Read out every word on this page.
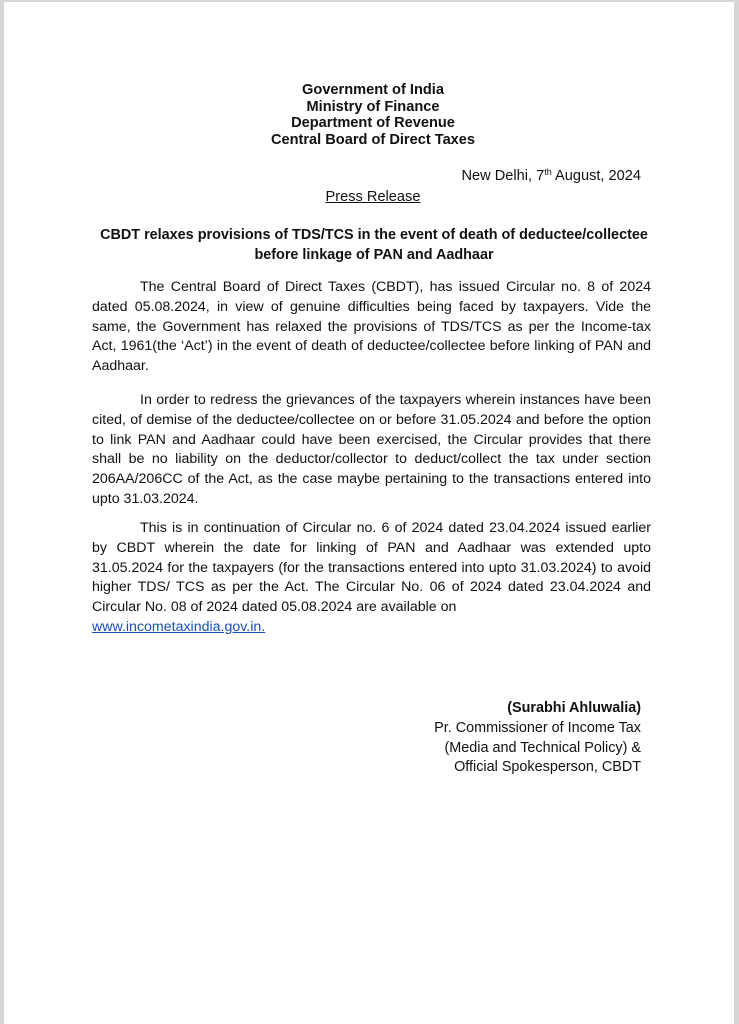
Government of India
Ministry of Finance
Department of Revenue
Central Board of Direct Taxes
New Delhi, 7th August, 2024
Press Release
CBDT relaxes provisions of TDS/TCS in the event of death of deductee/collectee before linkage of PAN and Aadhaar

The Central Board of Direct Taxes (CBDT), has issued Circular no. 8 of 2024 dated 05.08.2024, in view of genuine difficulties being faced by taxpayers. Vide the same, the Government has relaxed the provisions of TDS/TCS as per the Income-tax Act, 1961(the ‘Act’) in the event of death of deductee/collectee before linking of PAN and Aadhaar.

In order to redress the grievances of the taxpayers wherein instances have been cited, of demise of the deductee/collectee on or before 31.05.2024 and before the option to link PAN and Aadhaar could have been exercised, the Circular provides that there shall be no liability on the deductor/collector to deduct/collect the tax under section 206AA/206CC of the Act, as the case maybe pertaining to the transactions entered into upto 31.03.2024.

This is in continuation of Circular no. 6 of 2024 dated 23.04.2024 issued earlier by CBDT wherein the date for linking of PAN and Aadhaar was extended upto 31.05.2024 for the taxpayers (for the transactions entered into upto 31.03.2024) to avoid higher TDS/ TCS as per the Act. The Circular No. 06 of 2024 dated 23.04.2024 and Circular No. 08 of 2024 dated 05.08.2024 are available on
www.incometaxindia.gov.in.

(Surabhi Ahluwalia)
Pr. Commissioner of Income Tax
(Media and Technical Policy) &
Official Spokesperson, CBDT
